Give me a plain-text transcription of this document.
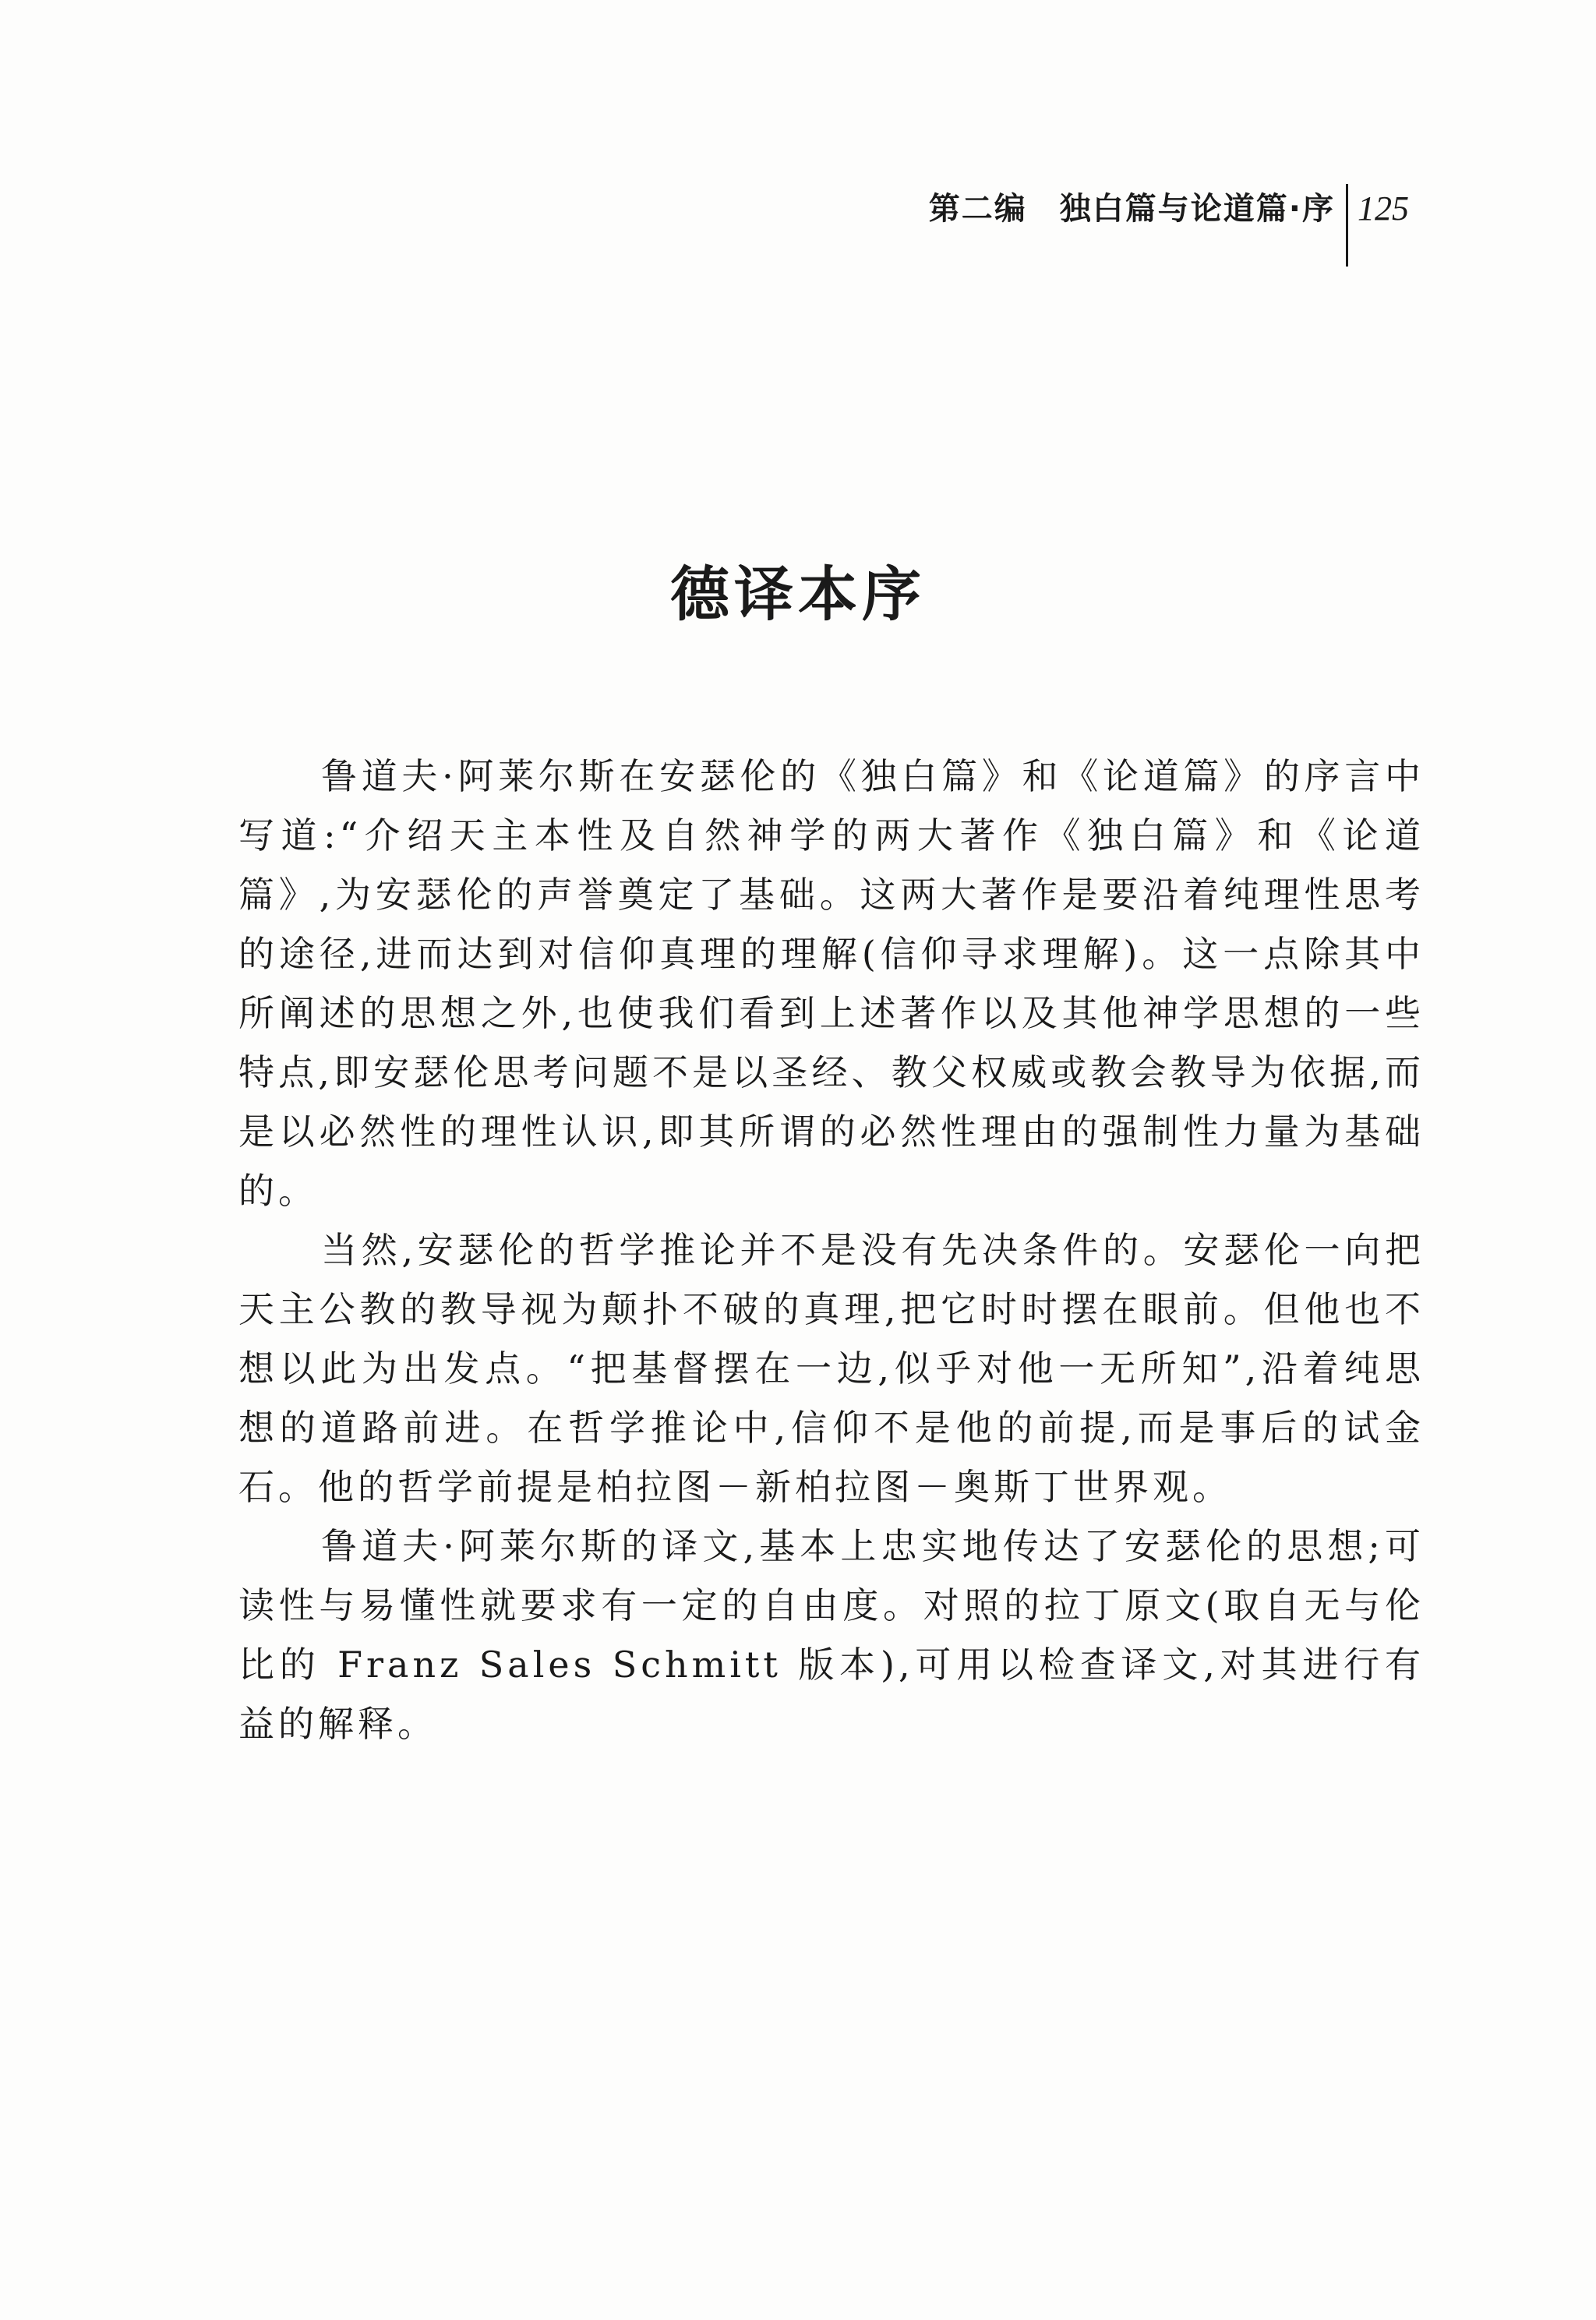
第二编　独白篇与论道篇·序 125
德译本序

鲁道夫·阿莱尔斯在安瑟伦的《独白篇》和《论道篇》的序言中写道:“介绍天主本性及自然神学的两大著作《独白篇》和《论道篇》,为安瑟伦的声誉奠定了基础。这两大著作是要沿着纯理性思考的途径,进而达到对信仰真理的理解(信仰寻求理解)。这一点除其中所阐述的思想之外,也使我们看到上述著作以及其他神学思想的一些特点,即安瑟伦思考问题不是以圣经、教父权威或教会教导为依据,而是以必然性的理性认识,即其所谓的必然性理由的强制性力量为基础的。

当然,安瑟伦的哲学推论并不是没有先决条件的。安瑟伦一向把天主公教的教导视为颠扑不破的真理,把它时时摆在眼前。但他也不想以此为出发点。“把基督摆在一边,似乎对他一无所知”,沿着纯思想的道路前进。在哲学推论中,信仰不是他的前提,而是事后的试金石。他的哲学前提是柏拉图－新柏拉图－奥斯丁世界观。

鲁道夫·阿莱尔斯的译文,基本上忠实地传达了安瑟伦的思想;可读性与易懂性就要求有一定的自由度。对照的拉丁原文(取自无与伦比的 Franz Sales Schmitt 版本),可用以检查译文,对其进行有益的解释。
